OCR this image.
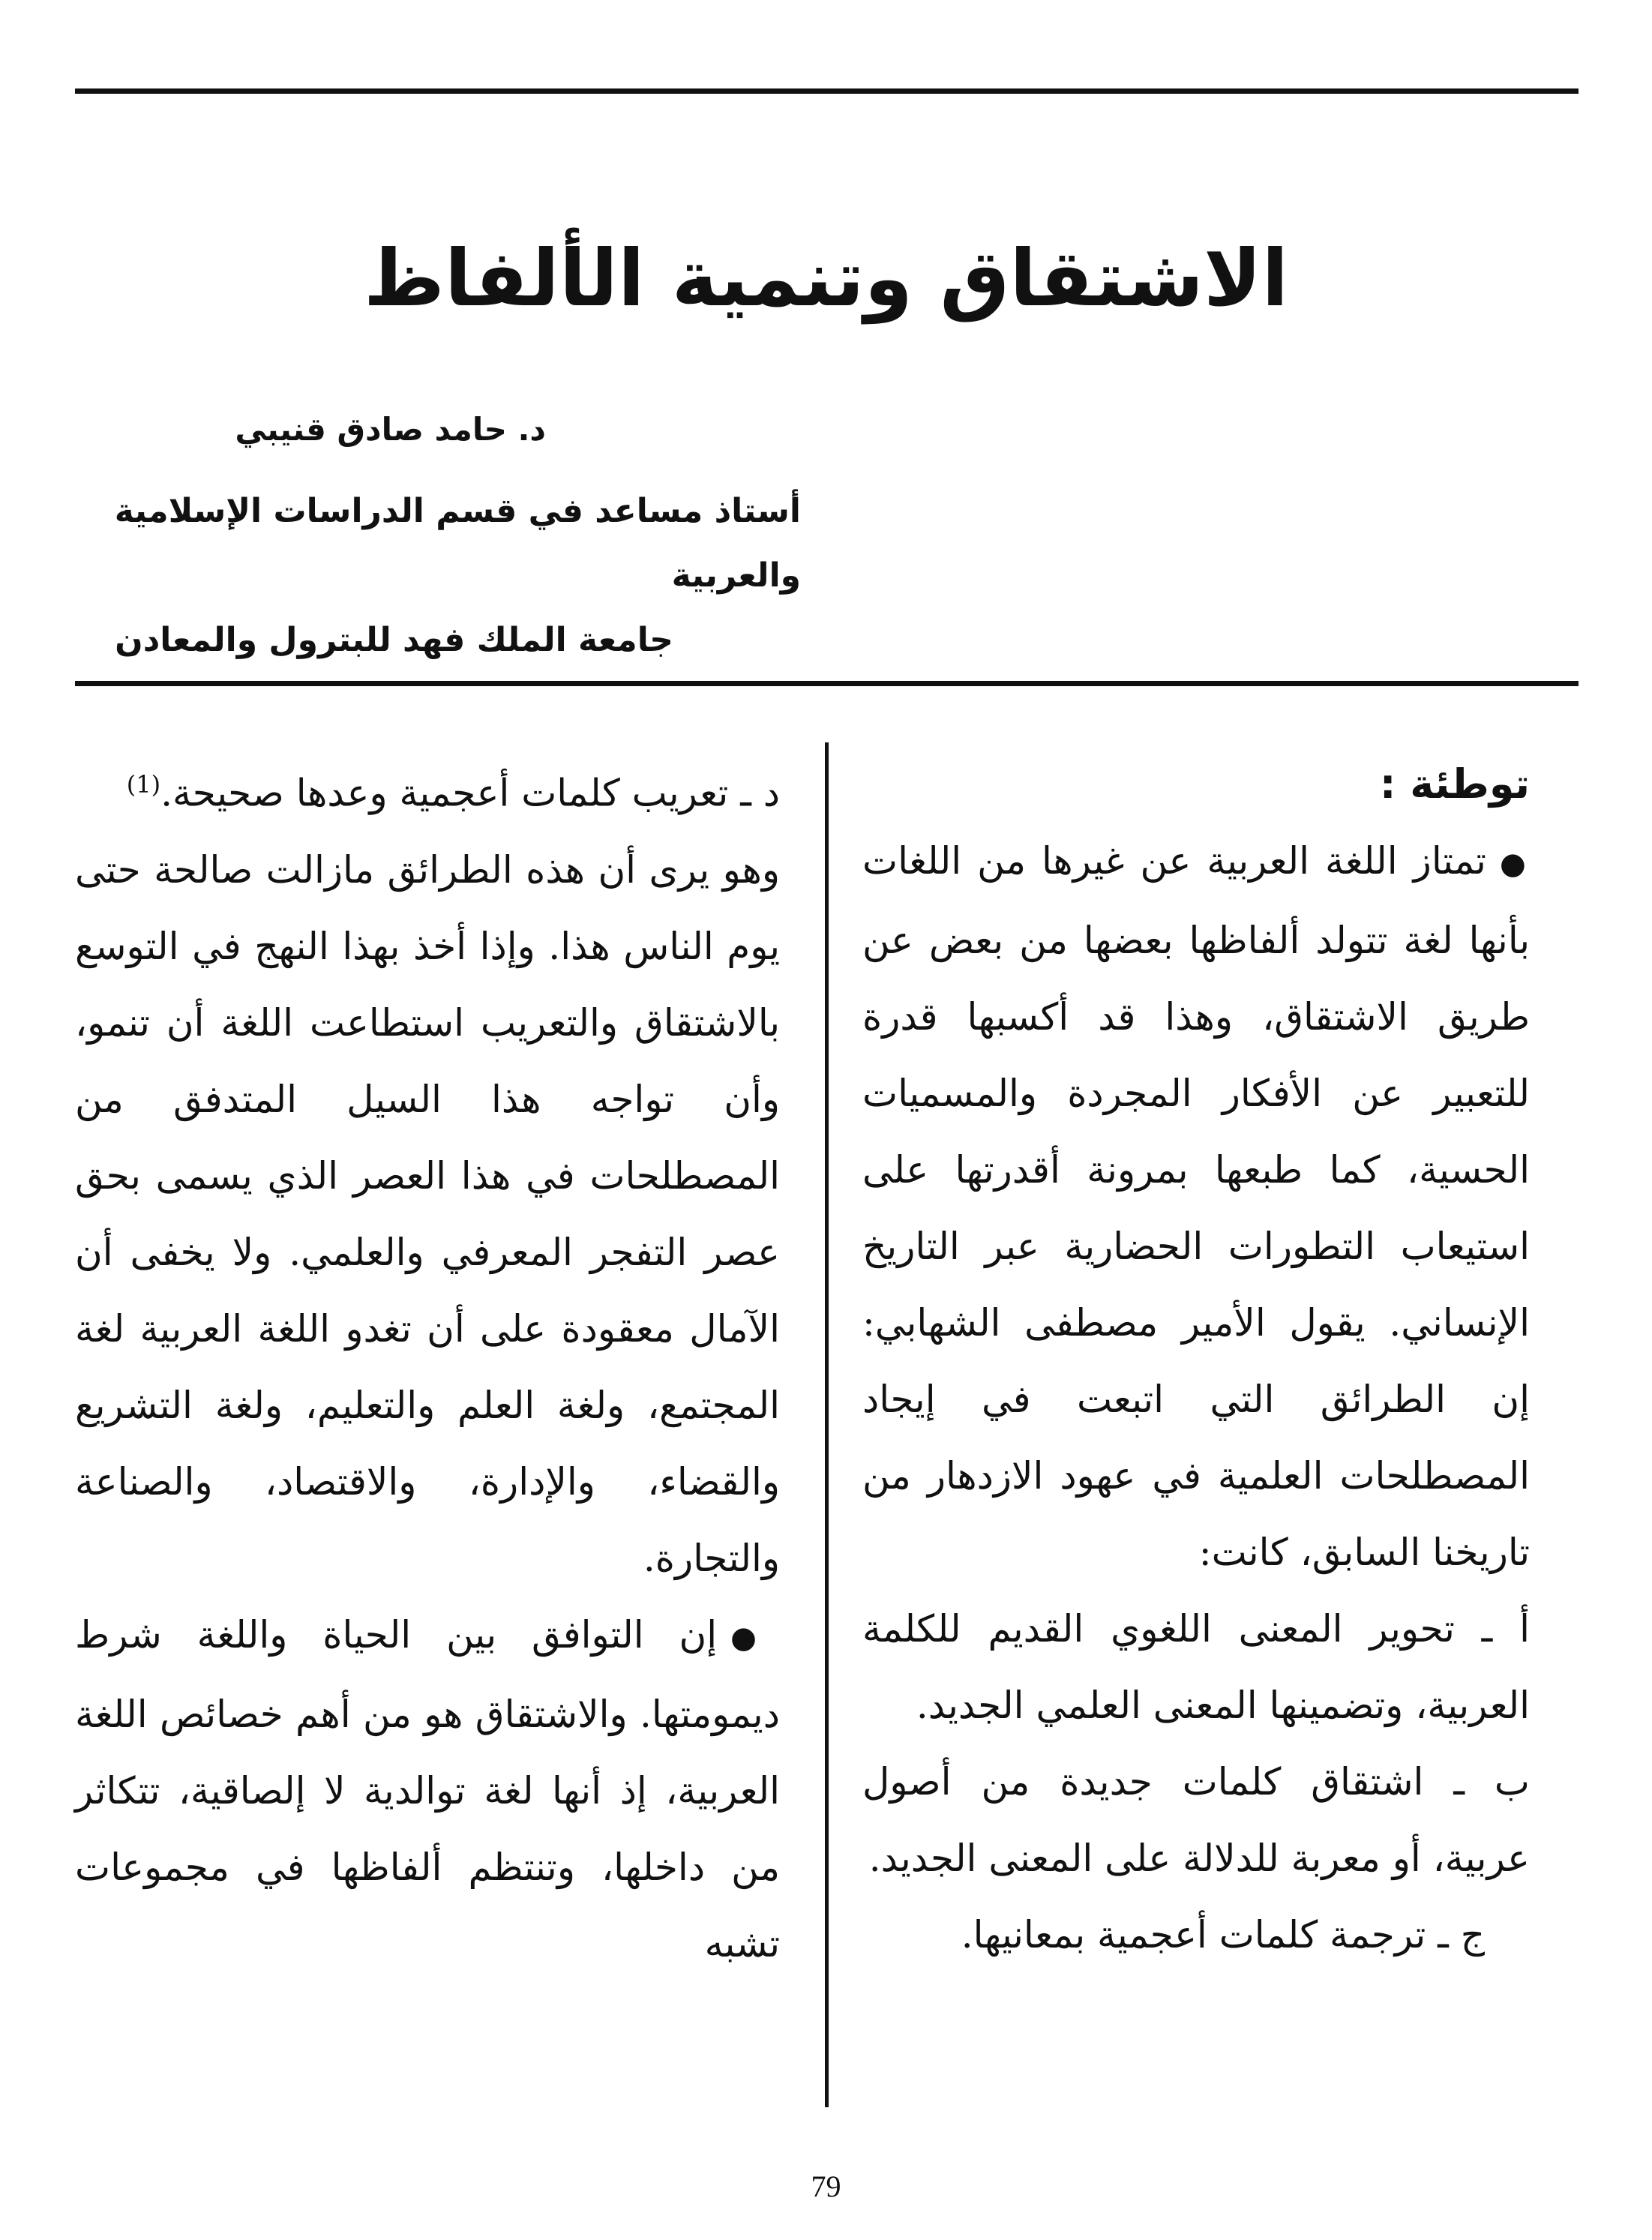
الاشتقاق وتنمية الألفاظ

د. حامد صادق قنيبي

أستاذ مساعد في قسم الدراسات الإسلامية والعربية

جامعة الملك فهد للبترول والمعادن

توطئة :

●تمتاز اللغة العربية عن غيرها من اللغات بأنها لغة تتولد ألفاظها بعضها من بعض عن طريق الاشتقاق، وهذا قد أكسبها قدرة للتعبير عن الأفكار المجردة والمسميات الحسية، كما طبعها بمرونة أقدرتها على استيعاب التطورات الحضارية عبر التاريخ الإنساني. يقول الأمير مصطفى الشهابي: إن الطرائق التي اتبعت في إيجاد المصطلحات العلمية في عهود الازدهار من تاريخنا السابق، كانت:

أ ـ تحوير المعنى اللغوي القديم للكلمة العربية، وتضمينها المعنى العلمي الجديد.

ب ـ اشتقاق كلمات جديدة من أصول عربية، أو معربة للدلالة على المعنى الجديد.

ج ـ ترجمة كلمات أعجمية بمعانيها.

د ـ تعريب كلمات أعجمية وعدها صحيحة.$^{(1)}$

وهو يرى أن هذه الطرائق مازالت صالحة حتى يوم الناس هذا. وإذا أخذ بهذا النهج في التوسع بالاشتقاق والتعريب استطاعت اللغة أن تنمو، وأن تواجه هذا السيل المتدفق من المصطلحات في هذا العصر الذي يسمى بحق عصر التفجر المعرفي والعلمي. ولا يخفى أن الآمال معقودة على أن تغدو اللغة العربية لغة المجتمع، ولغة العلم والتعليم، ولغة التشريع والقضاء، والإدارة، والاقتصاد، والصناعة والتجارة.

●إن التوافق بين الحياة واللغة شرط ديمومتها. والاشتقاق هو من أهم خصائص اللغة العربية، إذ أنها لغة توالدية لا إلصاقية، تتكاثر من داخلها، وتنتظم ألفاظها في مجموعات تشبه

79
